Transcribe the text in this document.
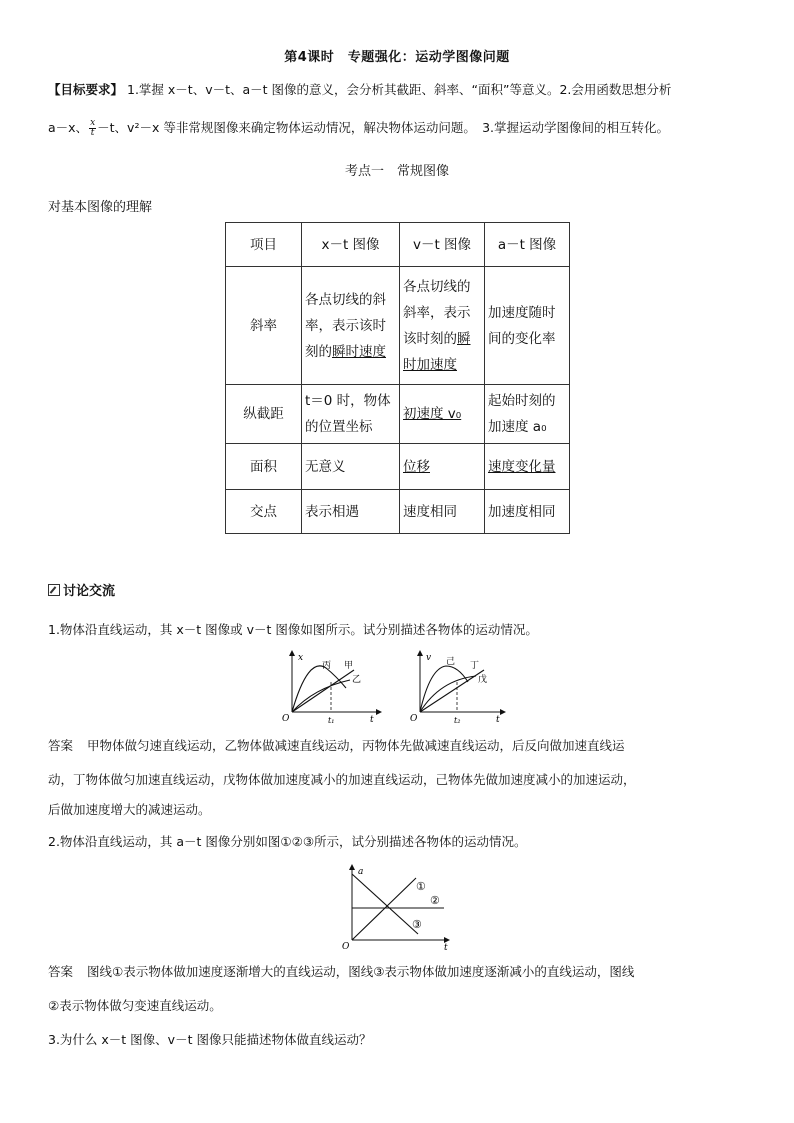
第4课时　专题强化：运动学图像问题
【目标要求】 1.掌握 x－t、v－t、a－t 图像的意义，会分析其截距、斜率、“面积”等意义。2.会用函数思想分析
a－x、 $\frac{x}{t} -t$、v²－x 等非常规图像来确定物体运动情况，解决物体运动问题。　3.掌握运动学图像间的相互转化。
考点一　常规图像
对基本图像的理解
项目	x－t 图像	v－t 图像	a－t 图像
斜率	各点切线的斜率，表示该时刻的瞬时速度	各点切线的斜率，表示该时刻的瞬时加速度	加速度随时间的变化率
纵截距	t＝0 时，物体的位置坐标	初速度 v₀	起始时刻的加速度 a₀
面积	无意义	位移	速度变化量
交点	表示相遇	速度相同	加速度相同
讨论交流
1.物体沿直线运动，其 x－t 图像或 v－t 图像如图所示。试分别描述各物体的运动情况。
x
t
O	t₁
丙 甲
乙
v
t
O	t₂
己 丁
戊
答案 甲物体做匀速直线运动，乙物体做减速直线运动，丙物体先做减速直线运动，后反向做加速直线运
动，丁物体做匀加速直线运动，戊物体做加速度减小的加速直线运动，己物体先做加速度减小的加速运动，
后做加速度增大的减速运动。
2.物体沿直线运动，其 a－t 图像分别如图①②③所示，试分别描述各物体的运动情况。
a
t
O
①
②
③
答案 图线①表示物体做加速度逐渐增大的直线运动，图线③表示物体做加速度逐渐减小的直线运动，图线
②表示物体做匀变速直线运动。
3.为什么 x－t 图像、v－t 图像只能描述物体做直线运动？
